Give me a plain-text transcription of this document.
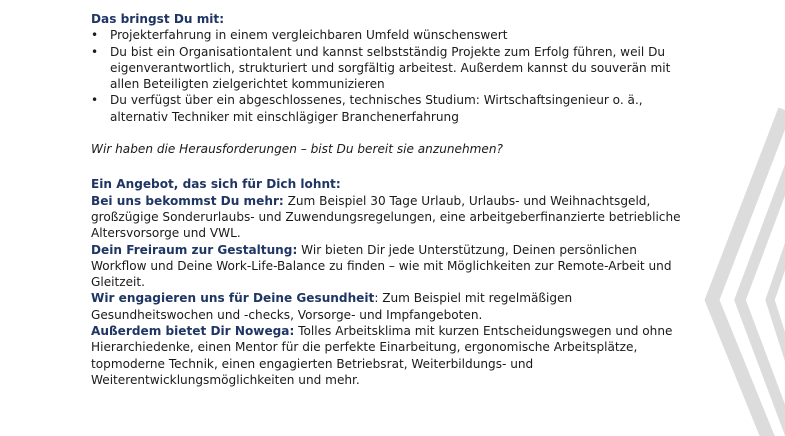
Das bringst Du mit:
• Projekterfahrung in einem vergleichbaren Umfeld wünschenswert
• Du bist ein Organisationtalent und kannst selbstständig Projekte zum Erfolg führen, weil Du eigenverantwortlich, strukturiert und sorgfältig arbeitest. Außerdem kannst du souverän mit allen Beteiligten zielgerichtet kommunizieren
• Du verfügst über ein abgeschlossenes, technisches Studium: Wirtschaftsingenieur o. ä., alternativ Techniker mit einschlägiger Branchenerfahrung
Wir haben die Herausforderungen – bist Du bereit sie anzunehmen?
Ein Angebot, das sich für Dich lohnt:

Bei uns bekommst Du mehr: Zum Beispiel 30 Tage Urlaub, Urlaubs- und Weihnachtsgeld, großzügige Sonderurlaubs- und Zuwendungsregelungen, eine arbeitgeberfinanzierte betriebliche Altersvorsorge und VWL.

Dein Freiraum zur Gestaltung: Wir bieten Dir jede Unterstützung, Deinen persönlichen Workflow und Deine Work-Life-Balance zu finden – wie mit Möglichkeiten zur Remote-Arbeit und Gleitzeit.

Wir engagieren uns für Deine Gesundheit: Zum Beispiel mit regelmäßigen Gesundheitswochen und -checks, Vorsorge- und Impfangeboten.

Außerdem bietet Dir Nowega: Tolles Arbeitsklima mit kurzen Entscheidungswegen und ohne Hierarchiedenke, einen Mentor für die perfekte Einarbeitung, ergonomische Arbeitsplätze, topmoderne Technik, einen engagierten Betriebsrat, Weiterbildungs- und Weiterentwicklungsmöglichkeiten und mehr.
